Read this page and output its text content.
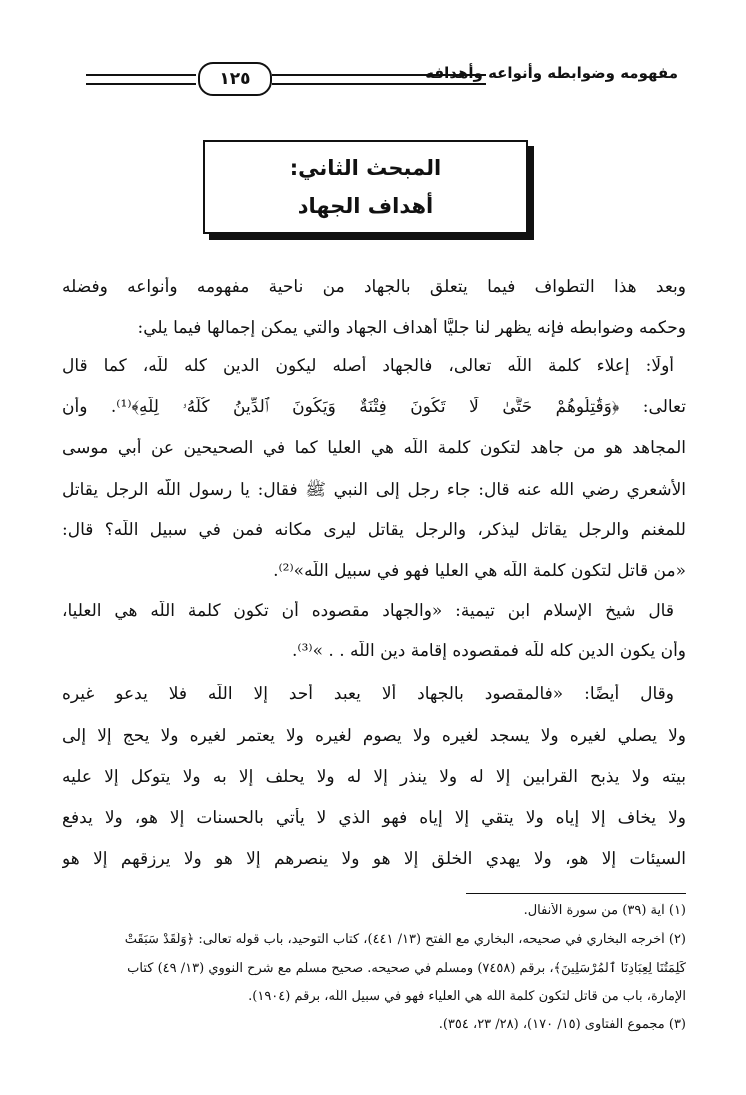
١٢٥	مفهومه وضوابطه وأنواعه وأهدافه
المبحث الثاني:
أهداف الجهاد
وبعد هذا التطواف فيما يتعلق بالجهاد من ناحية مفهومه وأنواعه وفضله
وحكمه وضوابطه فإنه يظهر لنا جليًّا أهداف الجهاد والتي يمكن إجمالها فيما يلي:
أولًا: إعلاء كلمة اللَّه تعالى، فالجهاد أصله ليكون الدين كله للَّه، كما قال
تعالى: ﴿وَقَٰتِلُوهُمْ حَتَّىٰ لَا تَكُونَ فِتْنَةٌ وَيَكُونَ ٱلدِّينُ كُلُّهُۥ لِلَّهِ﴾⁽¹⁾. وأن
المجاهد هو من جاهد لتكون كلمة اللَّه هي العليا كما في الصحيحين عن أبي موسى
الأشعري رضي الله عنه قال: جاء رجل إلى النبي ﷺ فقال: يا رسول اللَّه الرجل يقاتل
للمغنم والرجل يقاتل ليذكر، والرجل يقاتل ليرى مكانه فمن في سبيل اللَّه؟ قال:
«من قاتل لتكون كلمة اللَّه هي العليا فهو في سبيل اللَّه»⁽²⁾.
قال شيخ الإسلام ابن تيمية: «والجهاد مقصوده أن تكون كلمة اللَّه هي العليا،
وأن يكون الدين كله للَّه فمقصوده إقامة دين اللَّه . . »⁽³⁾.
وقال أيضًا: «فالمقصود بالجهاد ألا يعبد أحد إلا اللَّه فلا يدعو غيره
ولا يصلي لغيره ولا يسجد لغيره ولا يصوم لغيره ولا يعتمر لغيره ولا يحج إلا إلى
بيته ولا يذبح القرابين إلا له ولا ينذر إلا له ولا يحلف إلا به ولا يتوكل إلا عليه
ولا يخاف إلا إياه ولا يتقي إلا إياه فهو الذي لا يأتي بالحسنات إلا هو، ولا يدفع
السيئات إلا هو، ولا يهدي الخلق إلا هو ولا ينصرهم إلا هو ولا يرزقهم إلا هو
(١) آية (٣٩) من سورة الأنفال.
(٢) أخرجه البخاري في صحيحه، البخاري مع الفتح (١٣/ ٤٤١)، كتاب التوحيد، باب قوله تعالى: ﴿وَلَقَدْ سَبَقَتْ
كَلِمَتُنَا لِعِبَادِنَا ٱلْمُرْسَلِينَ﴾، برقم (٧٤٥٨) ومسلم في صحيحه. صحيح مسلم مع شرح النووي (١٣/ ٤٩) كتاب
الإمارة، باب من قاتل لتكون كلمة اللَّه هي العلياء فهو في سبيل اللَّه، برقم (١٩٠٤).
(٣) مجموع الفتاوى (١٥/ ١٧٠)، (٢٨/ ٢٣، ٣٥٤).
